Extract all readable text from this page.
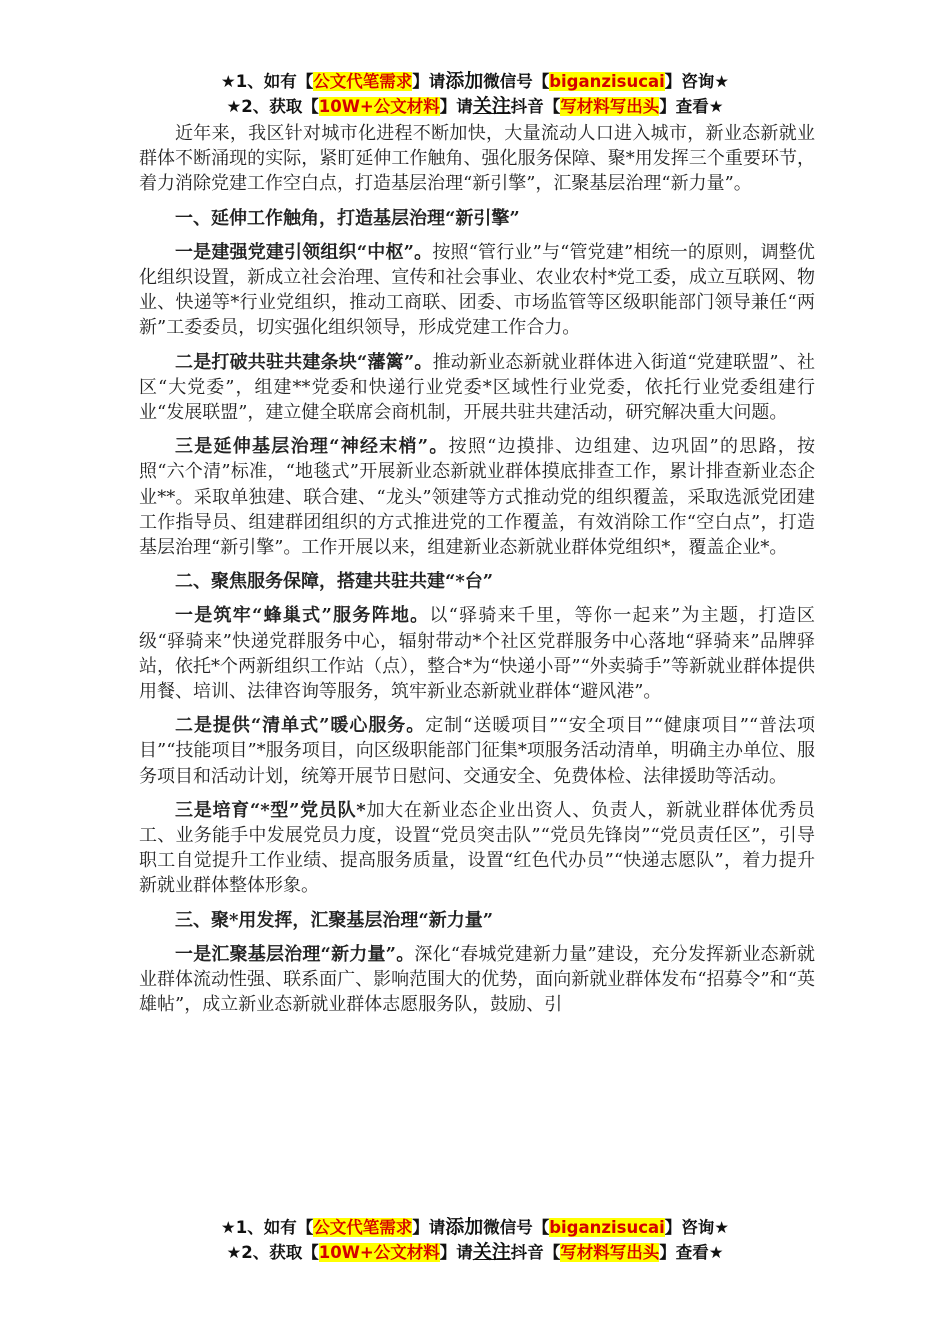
★1、如有【公文代笔需求】请添加微信号【biganzisucai】咨询★
★2、获取【10W+公文材料】请关注抖音【写材料写出头】查看★

近年来，我区针对城市化进程不断加快，大量流动人口进入城市，新业态新就业群体不断涌现的实际，紧盯延伸工作触角、强化服务保障、聚*用发挥三个重要环节，着力消除党建工作空白点，打造基层治理“新引擎”，汇聚基层治理“新力量”。

一、延伸工作触角，打造基层治理“新引擎”

一是建强党建引领组织“中枢”。按照“管行业”与“管党建”相统一的原则，调整优化组织设置，新成立社会治理、宣传和社会事业、农业农村*党工委，成立互联网、物业、快递等*行业党组织，推动工商联、团委、市场监管等区级职能部门领导兼任“两新”工委委员，切实强化组织领导，形成党建工作合力。

二是打破共驻共建条块“藩篱”。推动新业态新就业群体进入街道“党建联盟”、社区“大党委”，组建**党委和快递行业党委*区域性行业党委，依托行业党委组建行业“发展联盟”，建立健全联席会商机制，开展共驻共建活动，研究解决重大问题。

三是延伸基层治理“神经末梢”。按照“边摸排、边组建、边巩固”的思路，按照“六个清”标准，“地毯式”开展新业态新就业群体摸底排查工作，累计排查新业态企业**。采取单独建、联合建、“龙头”领建等方式推动党的组织覆盖，采取选派党团建工作指导员、组建群团组织的方式推进党的工作覆盖，有效消除工作“空白点”，打造基层治理“新引擎”。工作开展以来，组建新业态新就业群体党组织*，覆盖企业*。

二、聚焦服务保障，搭建共驻共建“*台”

一是筑牢“蜂巢式”服务阵地。以“驿骑来千里，等你一起来”为主题，打造区级“驿骑来”快递党群服务中心，辐射带动*个社区党群服务中心落地“驿骑来”品牌驿站，依托*个两新组织工作站（点），整合*为“快递小哥”“外卖骑手”等新就业群体提供用餐、培训、法律咨询等服务，筑牢新业态新就业群体“避风港”。

二是提供“清单式”暖心服务。定制“送暖项目”“安全项目”“健康项目”“普法项目”“技能项目”*服务项目，向区级职能部门征集*项服务活动清单，明确主办单位、服务项目和活动计划，统筹开展节日慰问、交通安全、免费体检、法律援助等活动。

三是培育“*型”党员队*加大在新业态企业出资人、负责人，新就业群体优秀员工、业务能手中发展党员力度，设置“党员突击队”“党员先锋岗”“党员责任区”，引导职工自觉提升工作业绩、提高服务质量，设置“红色代办员”“快递志愿队”，着力提升新就业群体整体形象。

三、聚*用发挥，汇聚基层治理“新力量”

一是汇聚基层治理“新力量”。深化“春城党建新力量”建设，充分发挥新业态新就业群体流动性强、联系面广、影响范围大的优势，面向新就业群体发布“招募令”和“英雄帖”，成立新业态新就业群体志愿服务队，鼓励、引

★1、如有【公文代笔需求】请添加微信号【biganzisucai】咨询★
★2、获取【10W+公文材料】请关注抖音【写材料写出头】查看★
